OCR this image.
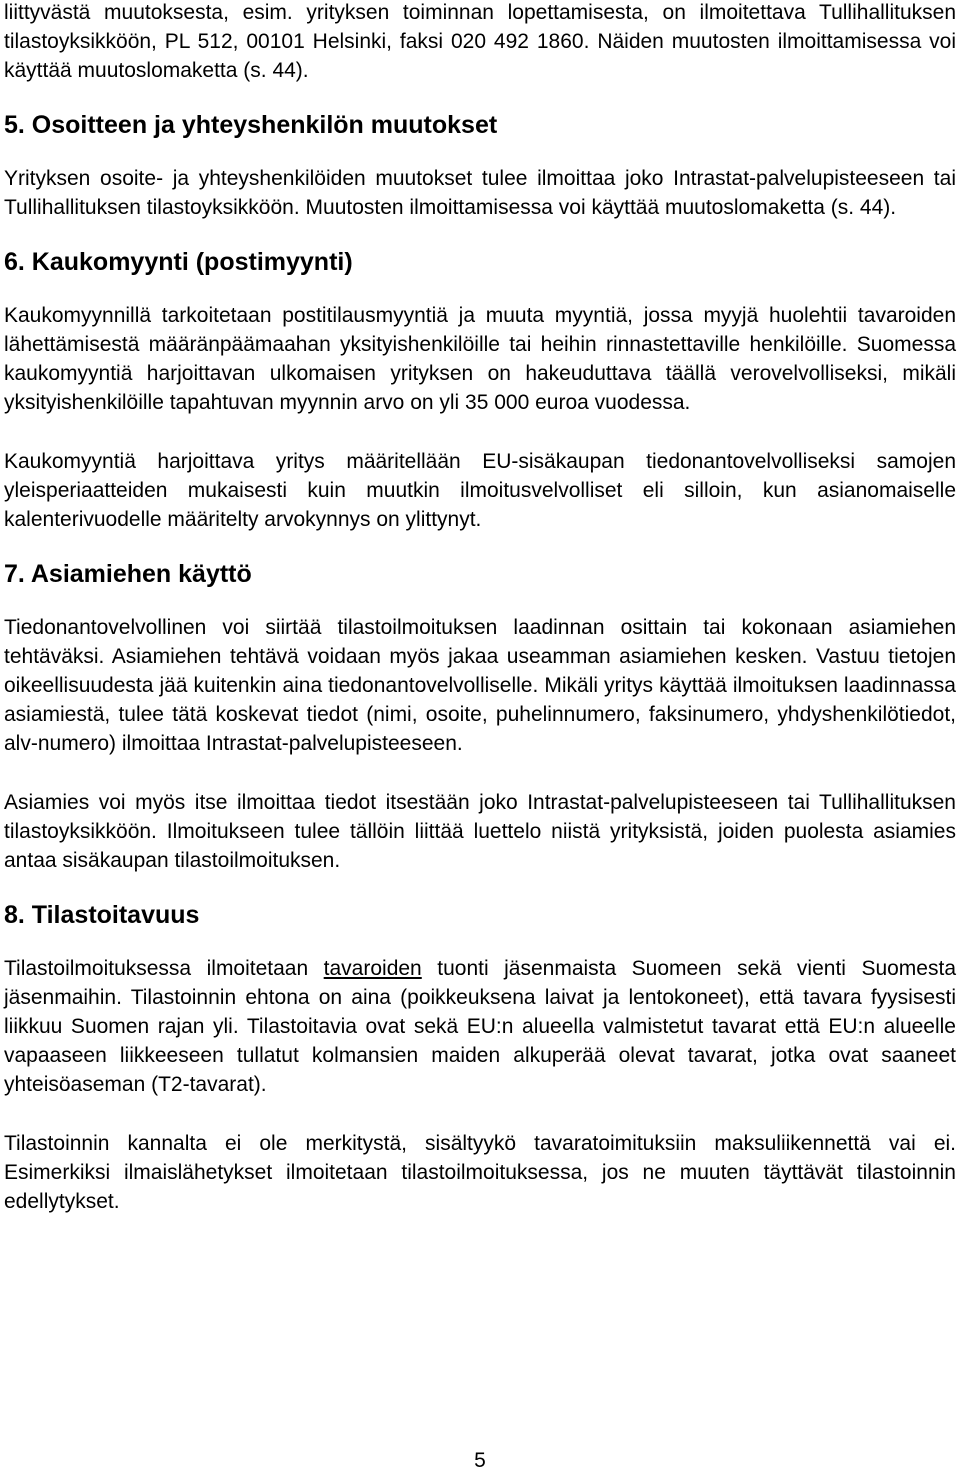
liittyvästä muutoksesta, esim. yrityksen toiminnan lopettamisesta, on ilmoitettava Tullihallituksen tilastoyksikköön, PL 512, 00101 Helsinki, faksi 020 492 1860. Näiden muutosten ilmoittamisessa voi käyttää muutoslomaketta (s. 44).

5. Osoitteen ja yhteyshenkilön muutokset

Yrityksen osoite- ja yhteyshenkilöiden muutokset tulee ilmoittaa joko Intrastat-palvelupisteeseen tai Tullihallituksen tilastoyksikköön. Muutosten ilmoittamisessa voi käyttää muutoslomaketta (s. 44).

6. Kaukomyynti (postimyynti)

Kaukomyynnillä tarkoitetaan postitilausmyyntiä ja muuta myyntiä, jossa myyjä huolehtii tavaroiden lähettämisestä määränpäämaahan yksityishenkilöille tai heihin rinnastettaville henkilöille. Suomessa kaukomyyntiä harjoittavan ulkomaisen yrityksen on hakeuduttava täällä verovelvolliseksi, mikäli yksityishenkilöille tapahtuvan myynnin arvo on yli 35 000 euroa vuodessa.

Kaukomyyntiä harjoittava yritys määritellään EU-sisäkaupan tiedonantovelvolliseksi samojen yleisperiaatteiden mukaisesti kuin muutkin ilmoitusvelvolliset eli silloin, kun asianomaiselle kalenterivuodelle määritelty arvokynnys on ylittynyt.

7. Asiamiehen käyttö

Tiedonantovelvollinen voi siirtää tilastoilmoituksen laadinnan osittain tai kokonaan asiamiehen tehtäväksi. Asiamiehen tehtävä voidaan myös jakaa useamman asiamiehen kesken. Vastuu tietojen oikeellisuudesta jää kuitenkin aina tiedonantovelvolliselle. Mikäli yritys käyttää ilmoituksen laadinnassa asiamiestä, tulee tätä koskevat tiedot (nimi, osoite, puhelinnumero, faksinumero, yhdyshenkilötiedot, alv-numero) ilmoittaa Intrastat-palvelupisteeseen.

Asiamies voi myös itse ilmoittaa tiedot itsestään joko Intrastat-palvelupisteeseen tai Tullihallituksen tilastoyksikköön. Ilmoitukseen tulee tällöin liittää luettelo niistä yrityksistä, joiden puolesta asiamies antaa sisäkaupan tilastoilmoituksen.

8. Tilastoitavuus

Tilastoilmoituksessa ilmoitetaan tavaroiden tuonti jäsenmaista Suomeen sekä vienti Suomesta jäsenmaihin. Tilastoinnin ehtona on aina (poikkeuksena laivat ja lentokoneet), että tavara fyysisesti liikkuu Suomen rajan yli. Tilastoitavia ovat sekä EU:n alueella valmistetut tavarat että EU:n alueelle vapaaseen liikkeeseen tullatut kolmansien maiden alkuperää olevat tavarat, jotka ovat saaneet yhteisöaseman (T2-tavarat).

Tilastoinnin kannalta ei ole merkitystä, sisältyykö tavaratoimituksiin maksuliikennettä vai ei. Esimerkiksi ilmaislähetykset ilmoitetaan tilastoilmoituksessa, jos ne muuten täyttävät tilastoinnin edellytykset.

5
